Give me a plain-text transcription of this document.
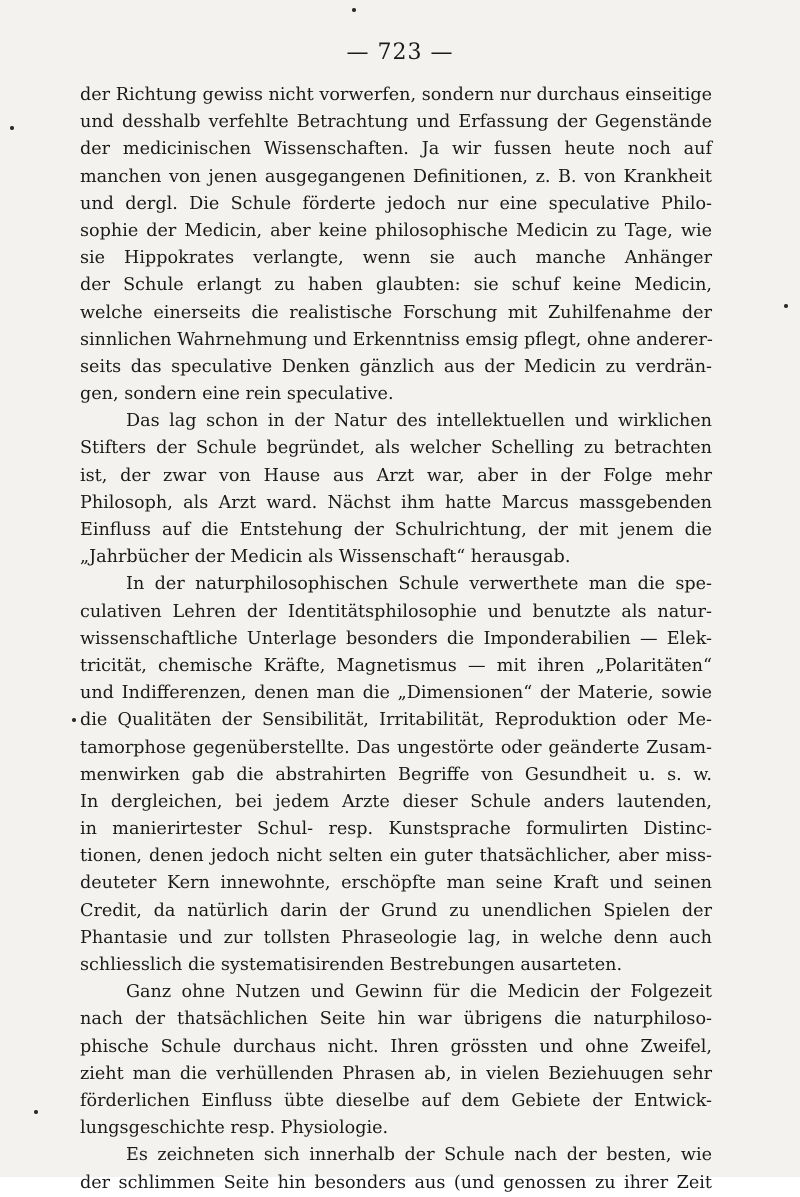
— 723 —
der Richtung gewiss nicht vorwerfen, sondern nur durchaus einseitige
und desshalb verfehlte Betrachtung und Erfassung der Gegenstände
der medicinischen Wissenschaften. Ja wir fussen heute noch auf
manchen von jenen ausgegangenen Definitionen, z. B. von Krankheit
und dergl. Die Schule förderte jedoch nur eine speculative Philo-
sophie der Medicin, aber keine philosophische Medicin zu Tage, wie
sie Hippokrates verlangte, wenn sie auch manche Anhänger
der Schule erlangt zu haben glaubten: sie schuf keine Medicin,
welche einerseits die realistische Forschung mit Zuhilfenahme der
sinnlichen Wahrnehmung und Erkenntniss emsig pflegt, ohne anderer-
seits das speculative Denken gänzlich aus der Medicin zu verdrän-
gen, sondern eine rein speculative.
Das lag schon in der Natur des intellektuellen und wirklichen
Stifters der Schule begründet, als welcher Schelling zu betrachten
ist, der zwar von Hause aus Arzt war, aber in der Folge mehr
Philosoph, als Arzt ward. Nächst ihm hatte Marcus massgebenden
Einfluss auf die Entstehung der Schulrichtung, der mit jenem die
„Jahrbücher der Medicin als Wissenschaft“ herausgab.
In der naturphilosophischen Schule verwerthete man die spe-
culativen Lehren der Identitätsphilosophie und benutzte als natur-
wissenschaftliche Unterlage besonders die Imponderabilien — Elek-
tricität, chemische Kräfte, Magnetismus — mit ihren „Polaritäten“
und Indifferenzen, denen man die „Dimensionen“ der Materie, sowie
die Qualitäten der Sensibilität, Irritabilität, Reproduktion oder Me-
tamorphose gegenüberstellte. Das ungestörte oder geänderte Zusam-
menwirken gab die abstrahirten Begriffe von Gesundheit u. s. w.
In dergleichen, bei jedem Arzte dieser Schule anders lautenden,
in manierirtester Schul- resp. Kunstsprache formulirten Distinc-
tionen, denen jedoch nicht selten ein guter thatsächlicher, aber miss-
deuteter Kern innewohnte, erschöpfte man seine Kraft und seinen
Credit, da natürlich darin der Grund zu unendlichen Spielen der
Phantasie und zur tollsten Phraseologie lag, in welche denn auch
schliesslich die systematisirenden Bestrebungen ausarteten.
Ganz ohne Nutzen und Gewinn für die Medicin der Folgezeit
nach der thatsächlichen Seite hin war übrigens die naturphiloso-
phische Schule durchaus nicht. Ihren grössten und ohne Zweifel,
zieht man die verhüllenden Phrasen ab, in vielen Beziehuugen sehr
förderlichen Einfluss übte dieselbe auf dem Gebiete der Entwick-
lungsgeschichte resp. Physiologie.
Es zeichneten sich innerhalb der Schule nach der besten, wie
der schlimmen Seite hin besonders aus (und genossen zu ihrer Zeit
